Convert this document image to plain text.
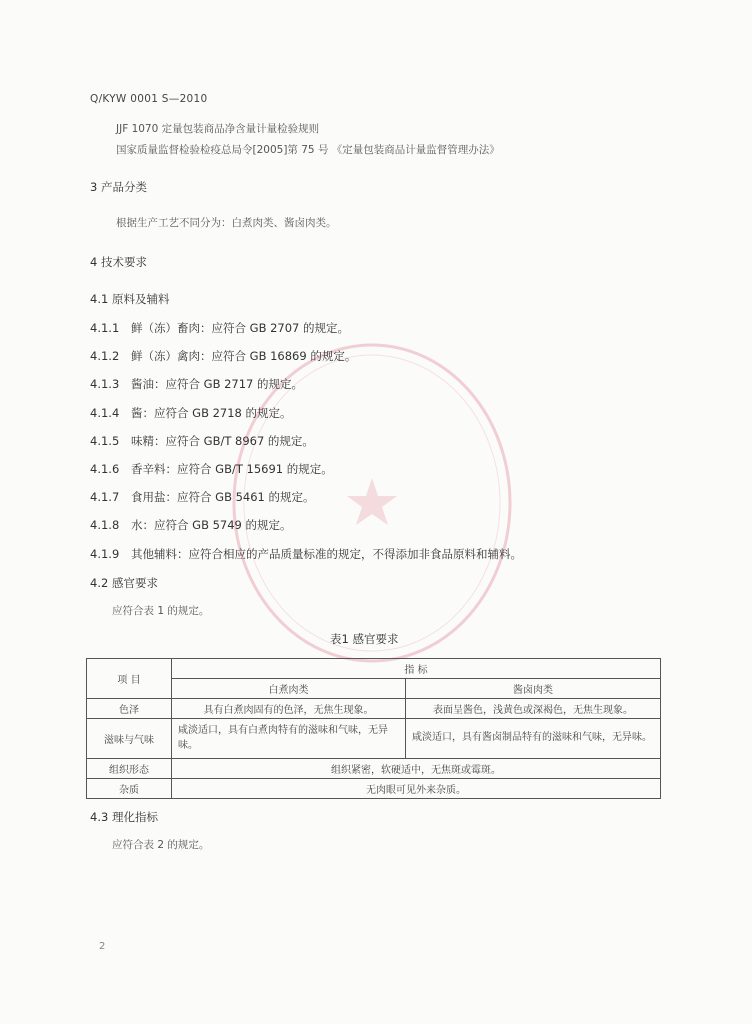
Q/KYW 0001 S—2010
JJF 1070 定量包装商品净含量计量检验规则
国家质量监督检验检疫总局令[2005]第 75 号 《定量包装商品计量监督管理办法》
3 产品分类
根据生产工艺不同分为：白煮肉类、酱卤肉类。
4 技术要求
4.1 原料及辅料
4.1.1 鲜（冻）畜肉：应符合 GB 2707 的规定。
4.1.2 鲜（冻）禽肉：应符合 GB 16869 的规定。
4.1.3 酱油：应符合 GB 2717 的规定。
4.1.4 酱：应符合 GB 2718 的规定。
4.1.5 味精：应符合 GB/T 8967 的规定。
4.1.6 香辛料：应符合 GB/T 15691 的规定。
4.1.7 食用盐：应符合 GB 5461 的规定。
4.1.8 水：应符合 GB 5749 的规定。
4.1.9 其他辅料：应符合相应的产品质量标准的规定，不得添加非食品原料和辅料。
4.2 感官要求
应符合表 1 的规定。
表1 感官要求
项 目	指 标	
	白煮肉类	酱卤肉类
色泽	具有白煮肉固有的色泽，无焦生现象。	表面呈酱色，浅黄色或深褐色，无焦生现象。
滋味与气味	咸淡适口，具有白煮肉特有的滋味和气味，无异味。	咸淡适口，具有酱卤制品特有的滋味和气味，无异味。
组织形态	组织紧密，软硬适中，无焦斑或霉斑。	
杂质	无肉眼可见外来杂质。	
4.3 理化指标
应符合表 2 的规定。
2
